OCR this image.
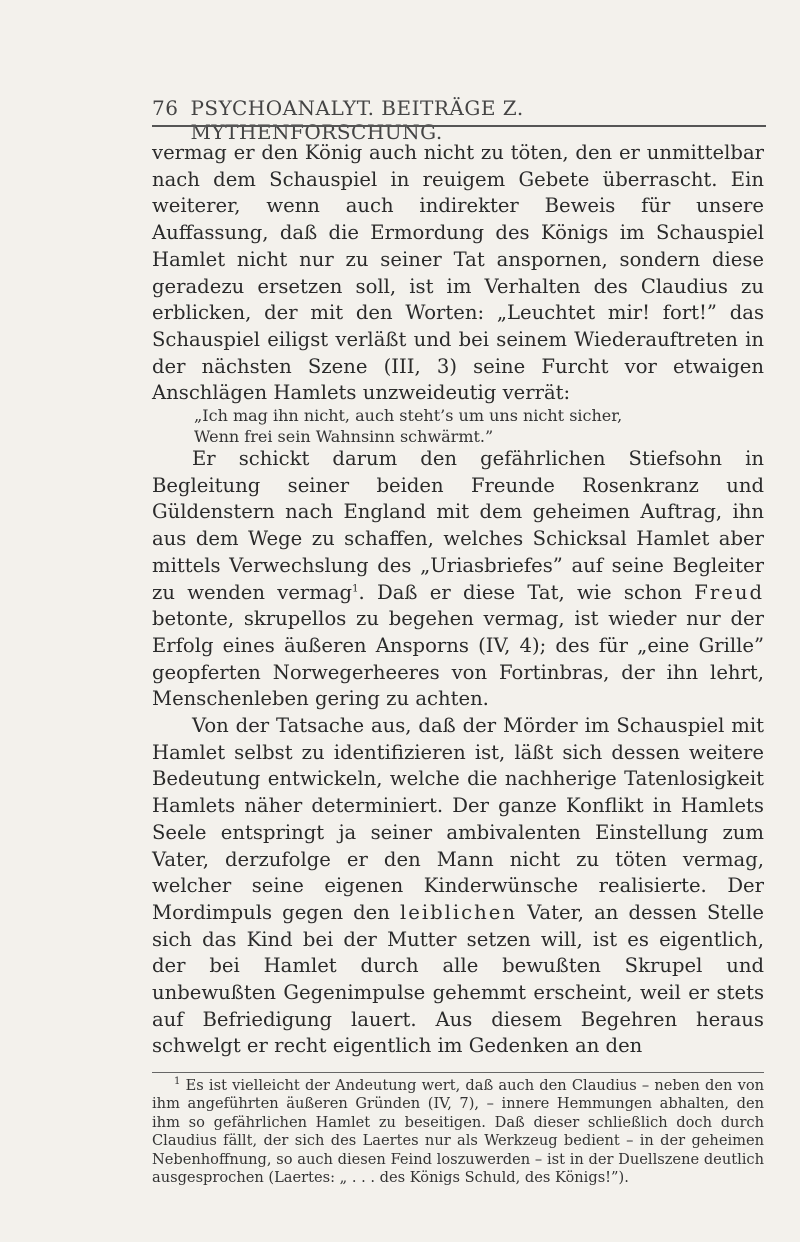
76 PSYCHOANALYT. BEITRÄGE Z. MYTHENFORSCHUNG.

vermag er den König auch nicht zu töten, den er unmittelbar nach dem Schauspiel in reuigem Gebete überrascht. Ein weiterer, wenn auch indirekter Beweis für unsere Auffassung, daß die Ermordung des Königs im Schauspiel Hamlet nicht nur zu seiner Tat anspornen, sondern diese geradezu ersetzen soll, ist im Verhalten des Claudius zu erblicken, der mit den Worten: „Leuchtet mir! fort!” das Schauspiel eiligst verläßt und bei seinem Wiederauftreten in der nächsten Szene (III, 3) seine Furcht vor etwaigen Anschlägen Hamlets unzweideutig verrät:

„Ich mag ihn nicht, auch steht’s um uns nicht sicher,
Wenn frei sein Wahnsinn schwärmt.”

Er schickt darum den gefährlichen Stiefsohn in Begleitung seiner beiden Freunde Rosenkranz und Güldenstern nach England mit dem geheimen Auftrag, ihn aus dem Wege zu schaffen, welches Schicksal Hamlet aber mittels Verwechslung des „Uriasbriefes” auf seine Begleiter zu wenden vermag$^1$. Daß er diese Tat, wie schon Freud betonte, skrupellos zu begehen vermag, ist wieder nur der Erfolg eines äußeren Ansporns (IV, 4); des für „eine Grille” geopferten Norwegerheeres von Fortinbras, der ihn lehrt, Menschenleben gering zu achten.

Von der Tatsache aus, daß der Mörder im Schauspiel mit Hamlet selbst zu identifizieren ist, läßt sich dessen weitere Bedeutung entwickeln, welche die nachherige Tatenlosigkeit Hamlets näher determiniert. Der ganze Konflikt in Hamlets Seele entspringt ja seiner ambivalenten Einstellung zum Vater, derzufolge er den Mann nicht zu töten vermag, welcher seine eigenen Kinderwünsche realisierte. Der Mordimpuls gegen den leiblichen Vater, an dessen Stelle sich das Kind bei der Mutter setzen will, ist es eigentlich, der bei Hamlet durch alle bewußten Skrupel und unbewußten Gegenimpulse gehemmt erscheint, weil er stets auf Befriedigung lauert. Aus diesem Begehren heraus schwelgt er recht eigentlich im Gedenken an den

$^1$ Es ist vielleicht der Andeutung wert, daß auch den Claudius – neben den von ihm angeführten äußeren Gründen (IV, 7), – innere Hemmungen abhalten, den ihm so gefährlichen Hamlet zu beseitigen. Daß dieser schließlich doch durch Claudius fällt, der sich des Laertes nur als Werkzeug bedient – in der geheimen Nebenhoffnung, so auch diesen Feind loszuwerden – ist in der Duellszene deutlich ausgesprochen (Laertes: „ . . . des Königs Schuld, des Königs!”).
